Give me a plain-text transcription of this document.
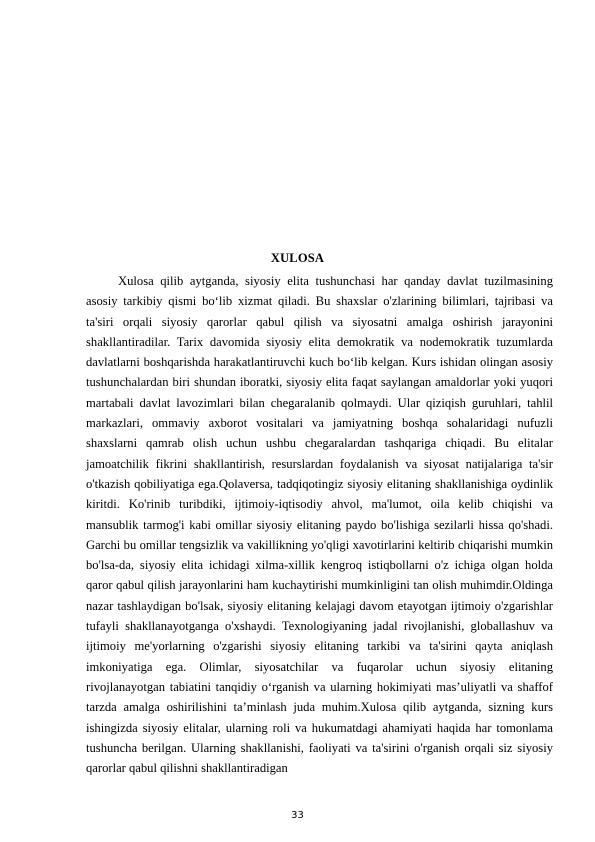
XULOSA

Xulosa qilib aytganda, siyosiy elita tushunchasi har qanday davlat tuzilmasining asosiy tarkibiy qismi bo‘lib xizmat qiladi. Bu shaxslar o'zlarining bilimlari, tajribasi va ta'siri orqali siyosiy qarorlar qabul qilish va siyosatni amalga oshirish jarayonini shakllantiradilar. Tarix davomida siyosiy elita demokratik va nodemokratik tuzumlarda davlatlarni boshqarishda harakatlantiruvchi kuch bo‘lib kelgan. Kurs ishidan olingan asosiy tushunchalardan biri shundan iboratki, siyosiy elita faqat saylangan amaldorlar yoki yuqori martabali davlat lavozimlari bilan chegaralanib qolmaydi. Ular qiziqish guruhlari, tahlil markazlari, ommaviy axborot vositalari va jamiyatning boshqa sohalaridagi nufuzli shaxslarni qamrab olish uchun ushbu chegaralardan tashqariga chiqadi. Bu elitalar jamoatchilik fikrini shakllantirish, resurslardan foydalanish va siyosat natijalariga ta'sir o'tkazish qobiliyatiga ega.Qolaversa, tadqiqotingiz siyosiy elitaning shakllanishiga oydinlik kiritdi. Ko'rinib turibdiki, ijtimoiy-iqtisodiy ahvol, ma'lumot, oila kelib chiqishi va mansublik tarmog'i kabi omillar siyosiy elitaning paydo bo'lishiga sezilarli hissa qo'shadi. Garchi bu omillar tengsizlik va vakillikning yo'qligi xavotirlarini keltirib chiqarishi mumkin bo'lsa-da, siyosiy elita ichidagi xilma-xillik kengroq istiqbollarni o'z ichiga olgan holda qaror qabul qilish jarayonlarini ham kuchaytirishi mumkinligini tan olish muhimdir.Oldinga nazar tashlaydigan bo'lsak, siyosiy elitaning kelajagi davom etayotgan ijtimoiy o'zgarishlar tufayli shakllanayotganga o'xshaydi. Texnologiyaning jadal rivojlanishi, globallashuv va ijtimoiy me'yorlarning o'zgarishi siyosiy elitaning tarkibi va ta'sirini qayta aniqlash imkoniyatiga ega. Olimlar, siyosatchilar va fuqarolar uchun siyosiy elitaning rivojlanayotgan tabiatini tanqidiy o‘rganish va ularning hokimiyati mas’uliyatli va shaffof tarzda amalga oshirilishini ta’minlash juda muhim.Xulosa qilib aytganda, sizning kurs ishingizda siyosiy elitalar, ularning roli va hukumatdagi ahamiyati haqida har tomonlama tushuncha berilgan. Ularning shakllanishi, faoliyati va ta'sirini o'rganish orqali siz siyosiy qarorlar qabul qilishni shakllantiradigan

33
